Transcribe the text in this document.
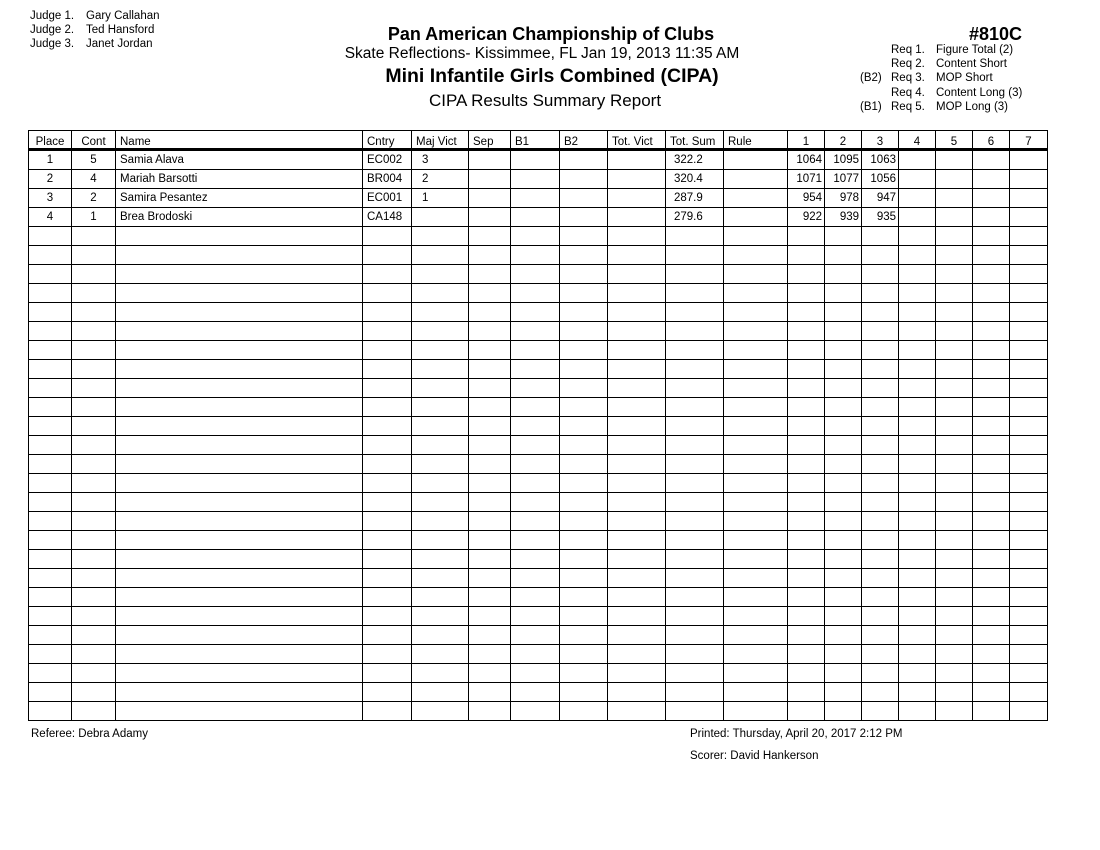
Judge 1. Gary Callahan
Judge 2. Ted Hansford
Judge 3. Janet Jordan	Pan American Championship of Clubs
Skate Reflections- Kissimmee, FL Jan 19, 2013 11:35 AM
Mini Infantile Girls Combined (CIPA)
CIPA Results Summary Report
#810C
Req 1. Figure Total (2)
Req 2. Content Short
(B2) Req 3. MOP Short
Req 4. Content Long (3)
(B1) Req 5. MOP Long (3)
Place	Cont	Name	Cntry	Maj Vict	Sep	B1	B2	Tot. Vict	Tot. Sum	Rule	1	2	3	4	5	6	7
1	5	Samia Alava	EC002	3					322.2		1064	1095	1063				
2	4	Mariah Barsotti	BR004	2					320.4		1071	1077	1056				
3	2	Samira Pesantez	EC001	1					287.9		954	978	947				
4	1	Brea Brodoski	CA148						279.6		922	939	935				

Referee: Debra Adamy	Printed: Thursday, April 20, 2017 2:12 PM
Scorer: David Hankerson
